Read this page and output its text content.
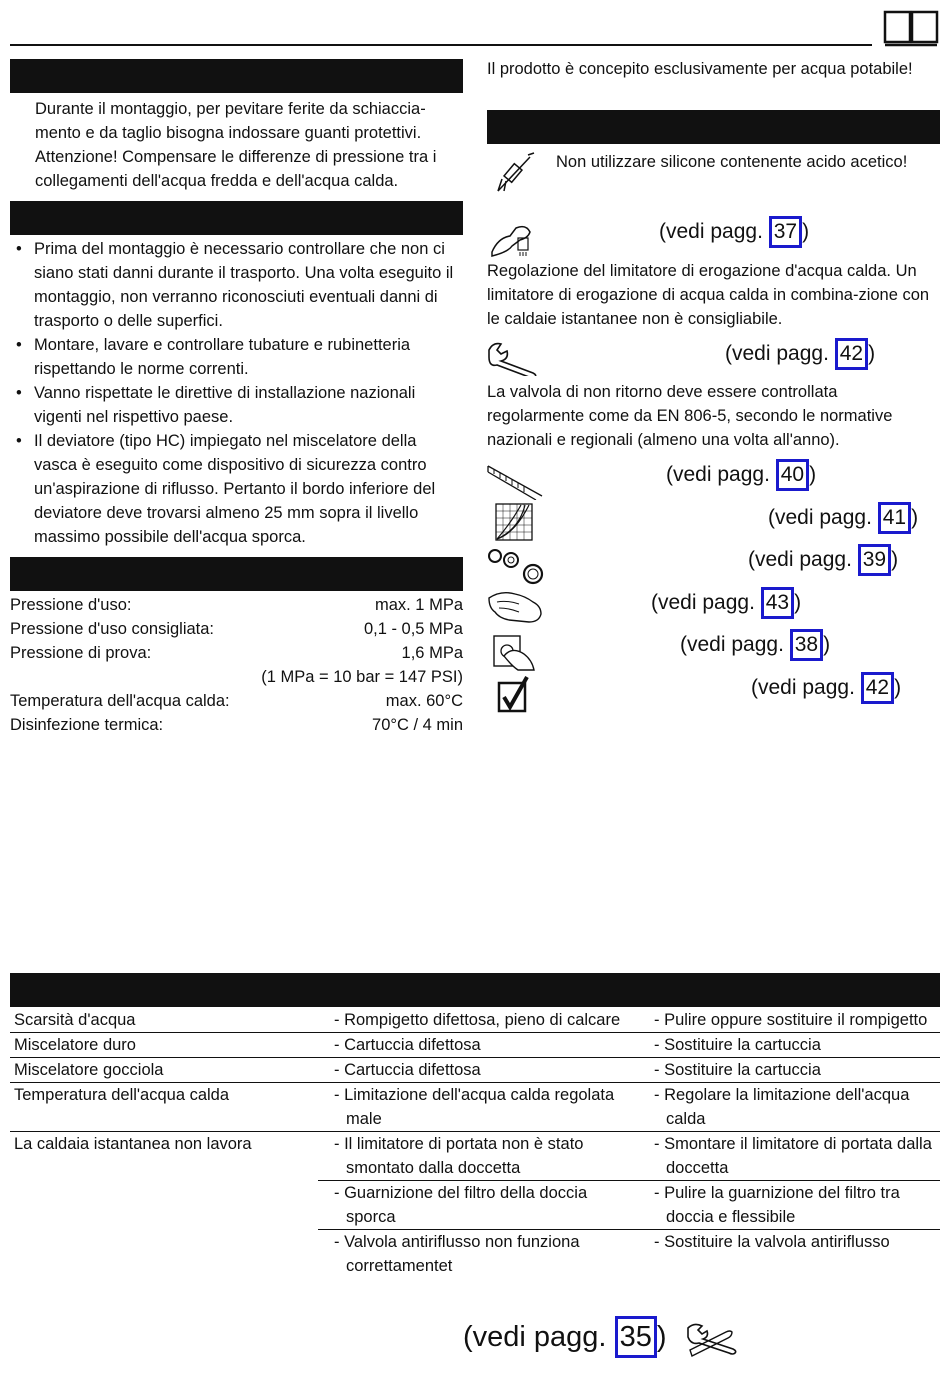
Durante il montaggio, per pevitare ferite da schiaccia-mento e da taglio bisogna indossare guanti protettivi. Attenzione! Compensare le differenze di pressione tra i collegamenti dell'acqua fredda e dell'acqua calda.

• Prima del montaggio è necessario controllare che non ci siano stati danni durante il trasporto. Una volta eseguito il montaggio, non verranno riconosciuti eventuali danni di trasporto o delle superfici.
• Montare, lavare e controllare tubature e rubinetteria rispettando le norme correnti.
• Vanno rispettate le direttive di installazione nazionali vigenti nel rispettivo paese.
• Il deviatore (tipo HC) impiegato nel miscelatore della vasca è eseguito come dispositivo di sicurezza contro un'aspirazione di riflusso. Pertanto il bordo inferiore del deviatore deve trovarsi almeno 25 mm sopra il livello massimo possibile dell'acqua sporca.
Pressione d'uso:	max. 1 MPa
Pressione d'uso consigliata:	0,1 - 0,5 MPa
Pressione di prova:	1,6 MPa
(1 MPa = 10 bar = 147 PSI)
Temperatura dell'acqua calda:	max. 60°C
Disinfezione termica:	70°C / 4 min

Il prodotto è concepito esclusivamente per acqua potabile!

Non utilizzare silicone contenente acido acetico!

(vedi pagg. 37 )

Regolazione del limitatore di erogazione d'acqua calda. Un limitatore di erogazione di acqua calda in combina-zione con le caldaie istantanee non è consigliabile.

(vedi pagg. 42 )

La valvola di non ritorno deve essere controllata regolarmente come da EN 806-5, secondo le normative nazionali e regionali (almeno una volta all'anno).

(vedi pagg. 40 )
(vedi pagg. 41 )
(vedi pagg. 39 )
(vedi pagg. 43 )
(vedi pagg. 38 )
(vedi pagg. 42 )
Scarsità d'acqua	- Rompigetto difettosa, pieno di calcare	- Pulire oppure sostituire il rompigetto

Miscelatore duro	- Cartuccia difettosa	- Sostituire la cartuccia

Miscelatore gocciola	- Cartuccia difettosa	- Sostituire la cartuccia

Temperatura dell'acqua calda	- Limitazione dell'acqua calda regolata male	- Regolare la limitazione dell'acqua calda

La caldaia istantanea non lavora	- Il limitatore di portata non è stato smontato dalla doccetta	- Smontare il limitatore di portata dalla doccetta

	- Guarnizione del filtro della doccia sporca	- Pulire la guarnizione del filtro tra doccia e flessibile

	- Valvola antiriflusso non funziona correttamentet	- Sostituire la valvola antiriflusso
(vedi pagg. 35 )
